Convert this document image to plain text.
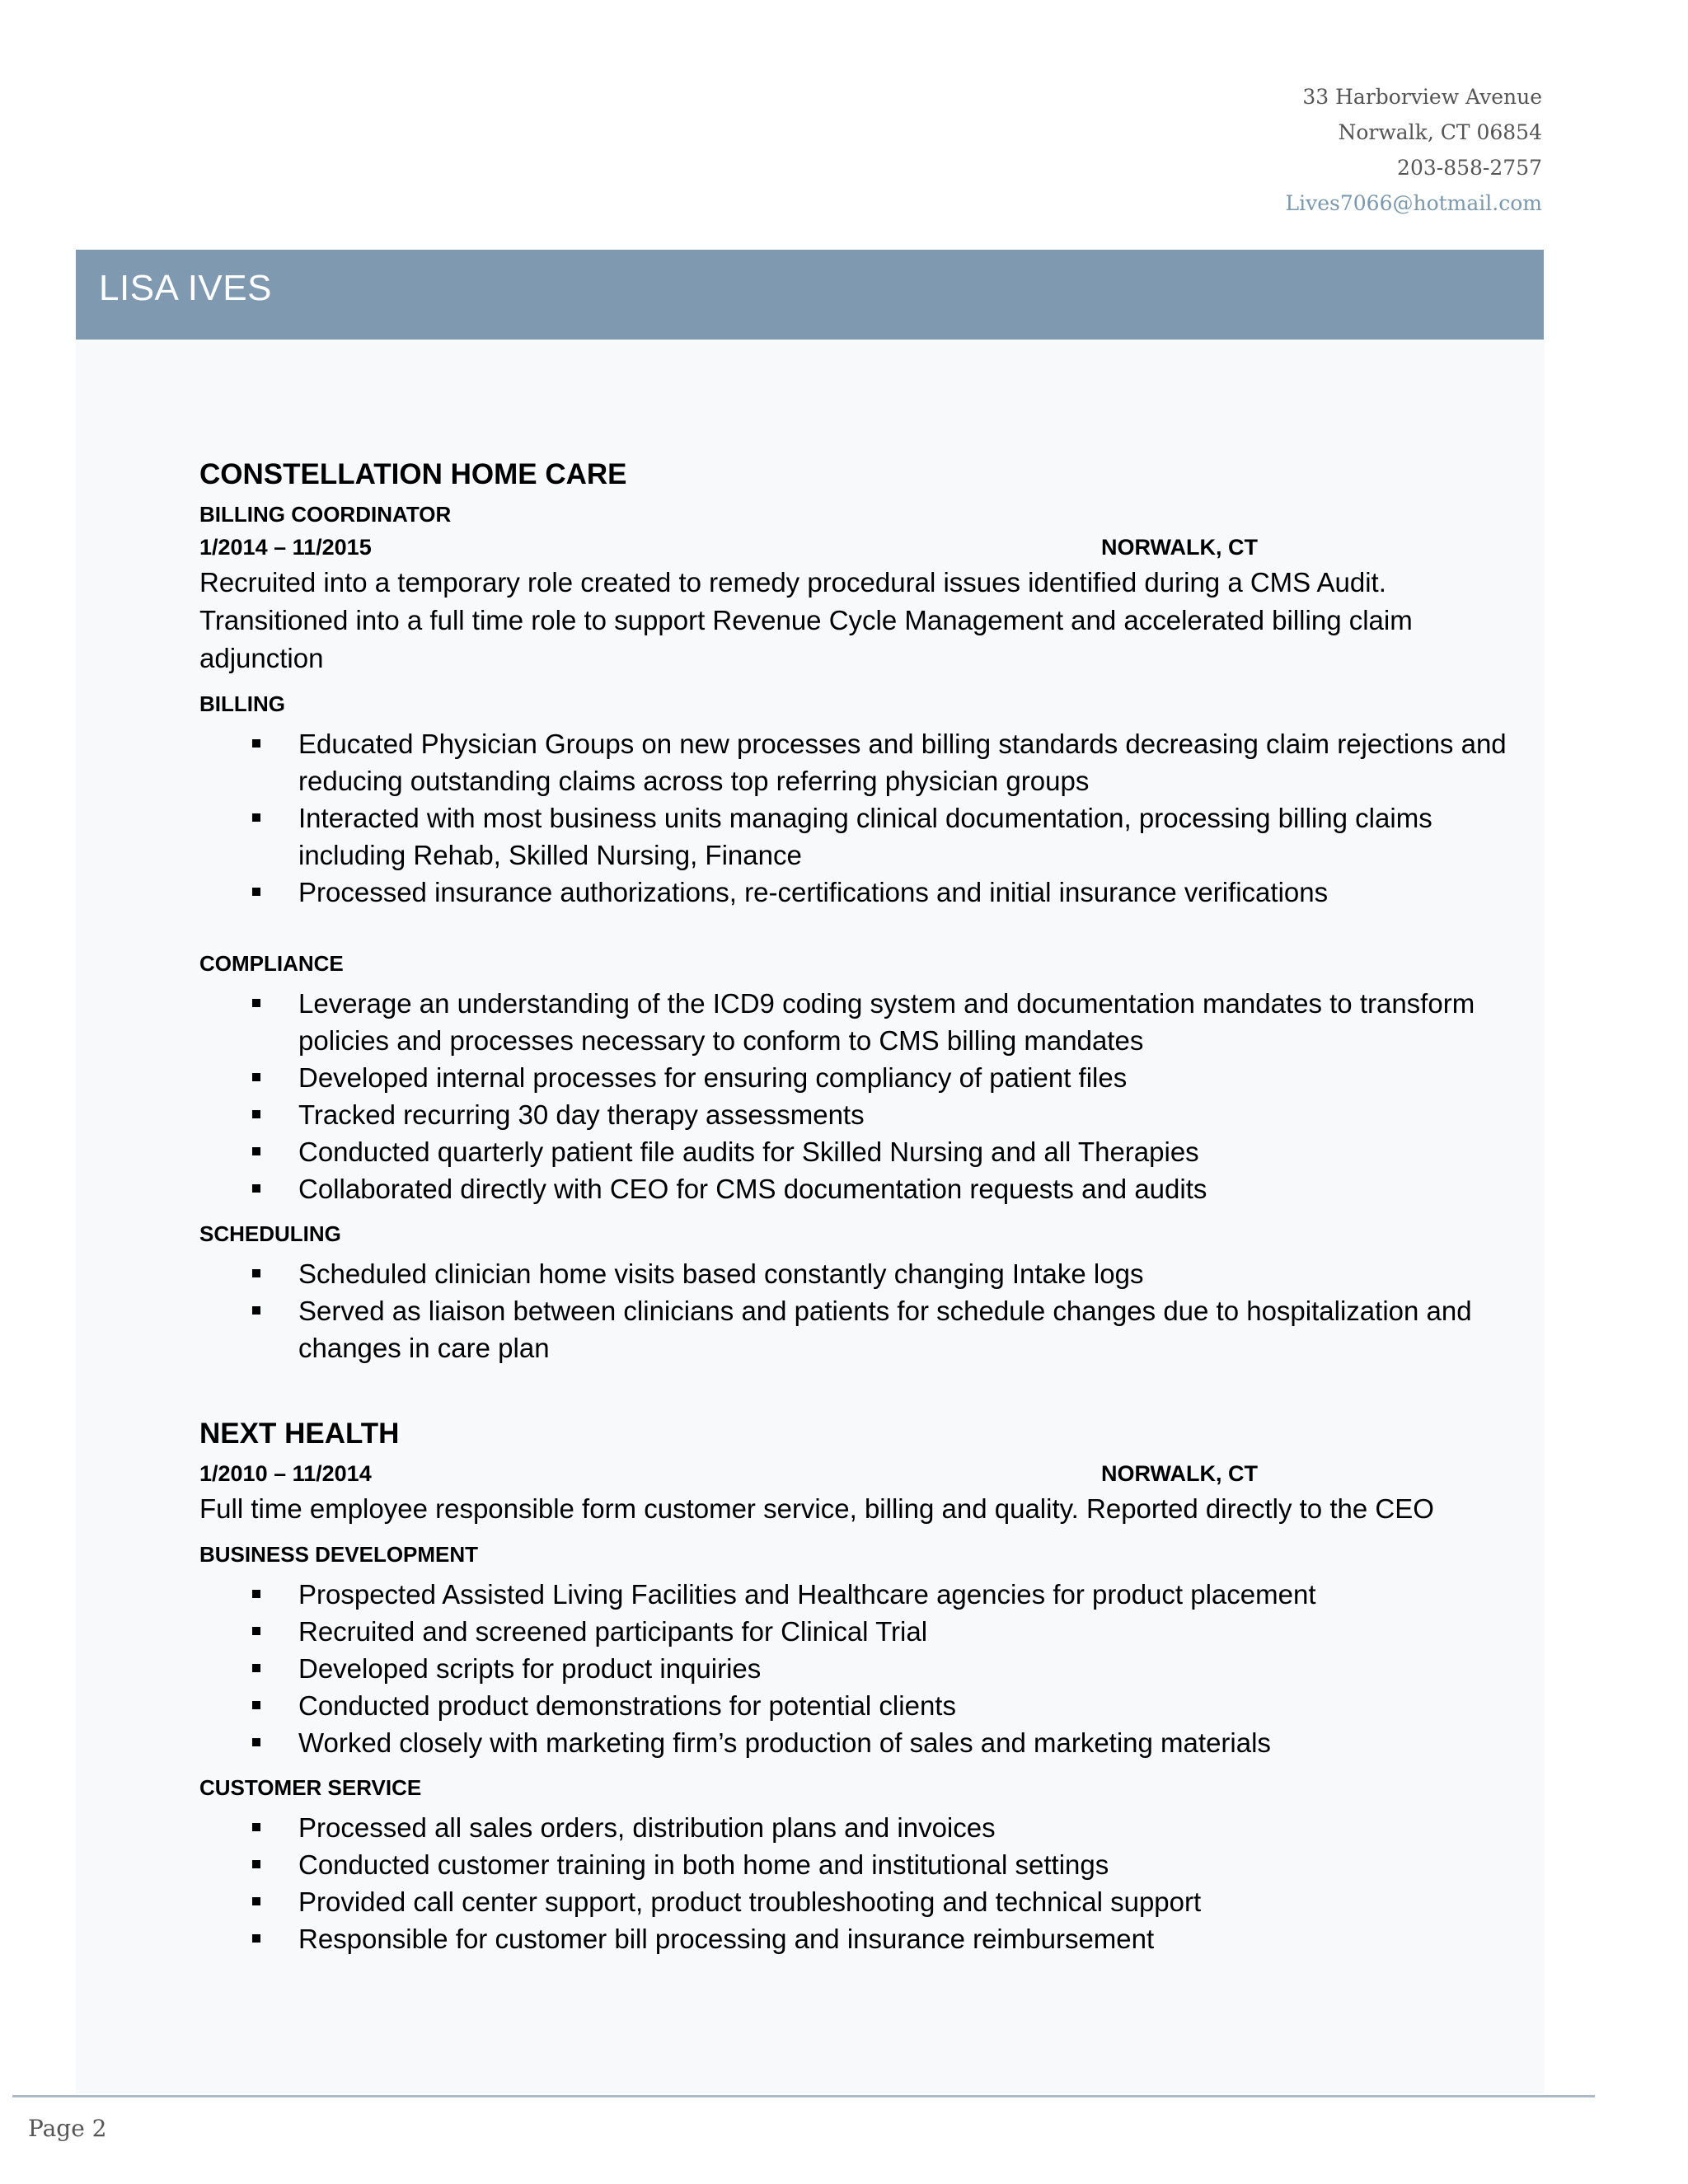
33 Harborview Avenue
Norwalk, CT 06854
203-858-2757
Lives7066@hotmail.com
LISA IVES
CONSTELLATION HOME CARE
BILLING COORDINATOR
1/2014 – 11/2015	NORWALK, CT
Recruited into a temporary role created to remedy procedural issues identified during a CMS Audit. Transitioned into a full time role to support Revenue Cycle Management and accelerated billing claim adjunction
BILLING
Educated Physician Groups on new processes and billing standards decreasing claim rejections and reducing outstanding claims across top referring physician groups
Interacted with most business units managing clinical documentation, processing billing claims including Rehab, Skilled Nursing, Finance
Processed insurance authorizations, re-certifications and initial insurance verifications
COMPLIANCE
Leverage an understanding of the ICD9 coding system and documentation mandates to transform policies and processes necessary to conform to CMS billing mandates
Developed internal processes for ensuring compliancy of patient files
Tracked recurring 30 day therapy assessments
Conducted quarterly patient file audits for Skilled Nursing and all Therapies
Collaborated directly with CEO for CMS documentation requests and audits
SCHEDULING
Scheduled clinician home visits based constantly changing Intake logs
Served as liaison between clinicians and patients for schedule changes due to hospitalization and changes in care plan
NEXT HEALTH
1/2010 – 11/2014	NORWALK, CT
Full time employee responsible form customer service, billing and quality. Reported directly to the CEO
BUSINESS DEVELOPMENT
Prospected Assisted Living Facilities and Healthcare agencies for product placement
Recruited and screened participants for Clinical Trial
Developed scripts for product inquiries
Conducted product demonstrations for potential clients
Worked closely with marketing firm’s production of sales and marketing materials
CUSTOMER SERVICE
Processed all sales orders, distribution plans and invoices
Conducted customer training in both home and institutional settings
Provided call center support, product troubleshooting and technical support
Responsible for customer bill processing and insurance reimbursement
Page 2
